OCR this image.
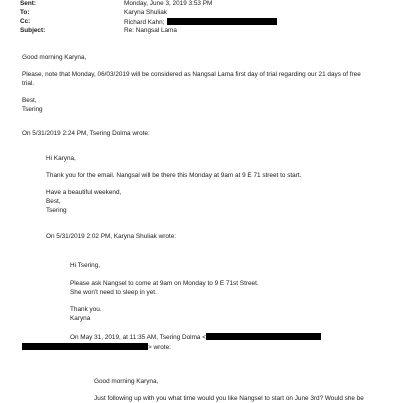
Sent:	Monday, June 3, 2019 3:53 PM
To:	Karyna Shuliak
Cc:	Richard Kahn;
Subject:	Re: Nangsal Lama
Good morning Karyna,
Please, note that Monday, 06/03/2019 will be considered as Nangsal Lama first day of trial regarding our 21 days of free
trial.
Best,
Tsering
On 5/31/2019 2:24 PM, Tsering Dolma wrote:
Hi Karyna,
Thank you for the email. Nangsal will be there this Monday at 9am at 9 E 71 street to start.
Have a beautiful weekend,
Best,
Tsering
On 5/31/2019 2:02 PM, Karyna Shuliak wrote:
Hi Tsering,
Please ask Nangsel to come at 9am on Monday to 9 E 71st Street.
She won't need to sleep in yet.
Thank you.
Karyna
On May 31, 2019, at 11:35 AM, Tsering Dolma <
> wrote:
Good morning Karyna,
Just following up with you what time would you like Nangsel to start on June 3rd? Would she be
